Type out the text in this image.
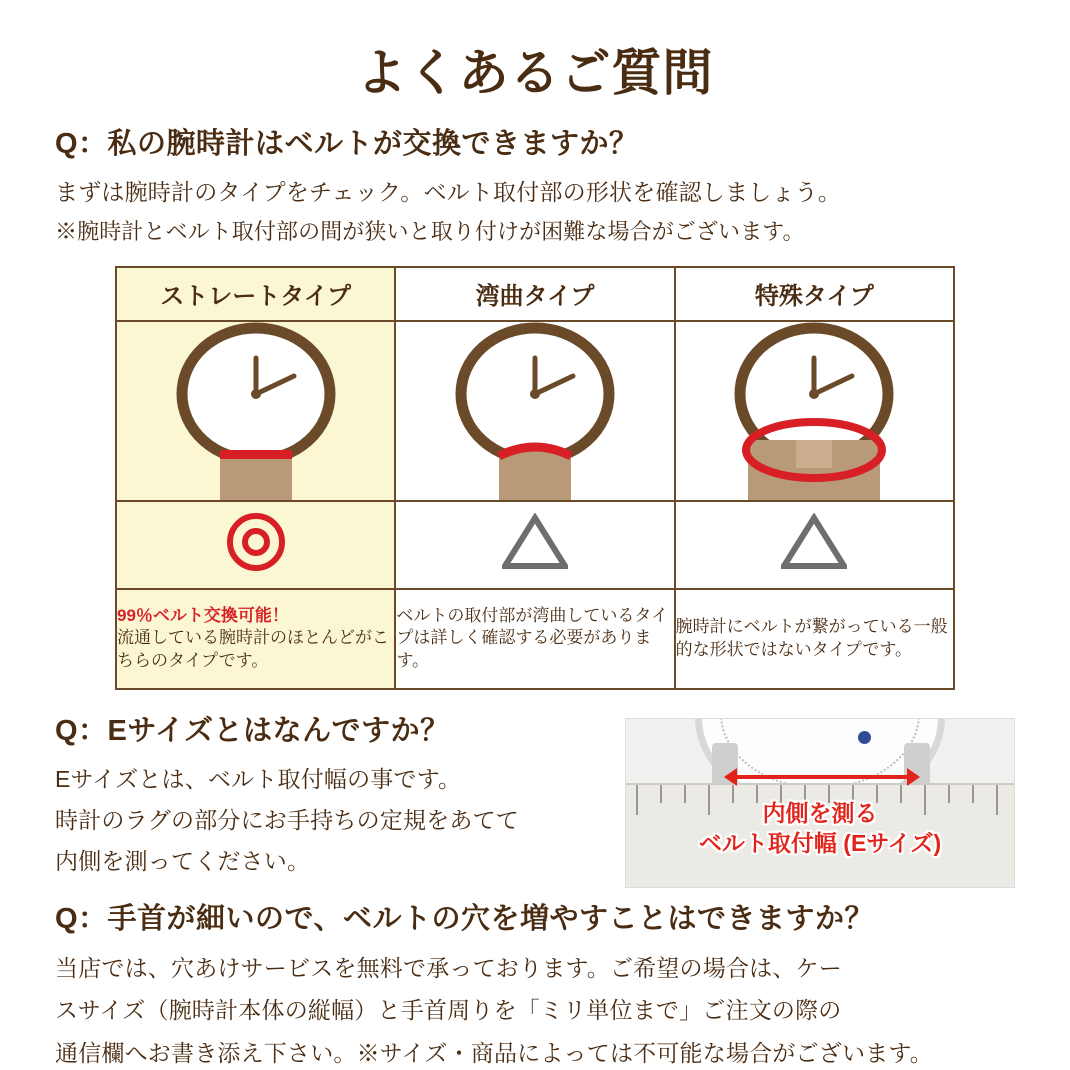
よくあるご質問
Q：私の腕時計はベルトが交換できますか？
まずは腕時計のタイプをチェック。ベルト取付部の形状を確認しましょう。
※腕時計とベルト取付部の間が狭いと取り付けが困難な場合がございます。
ストレートタイプ	湾曲タイプ	特殊タイプ

99％ベルト交換可能！
流通している腕時計のほとんどがこちらのタイプです。	ベルトの取付部が湾曲しているタイプは詳しく確認する必要があります。	腕時計にベルトが繋がっている一般的な形状ではないタイプです。
Q：Eサイズとはなんですか？
Eサイズとは、ベルト取付幅の事です。
時計のラグの部分にお手持ちの定規をあてて
内側を測ってください。
内側を測る
ベルト取付幅 (Eサイズ)
Q：手首が細いので、ベルトの穴を増やすことはできますか？
当店では、穴あけサービスを無料で承っております。ご希望の場合は、ケー
スサイズ（腕時計本体の縦幅）と手首周りを「ミリ単位まで」ご注文の際の
通信欄へお書き添え下さい。※サイズ・商品によっては不可能な場合がございます。
